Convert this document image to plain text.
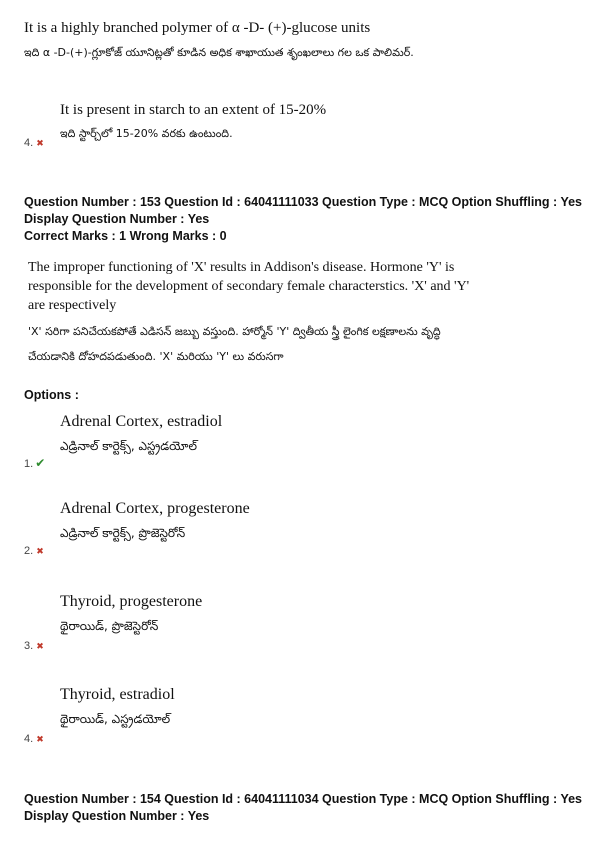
It is a highly branched polymer of α -D- (+)-glucose units
ఇది α -D-(+)-గ్లూకోజ్ యూనిట్లతో కూడిన అధిక శాఖాయుత శృంఖలాలు గల ఒక పాలిమర్.
It is present in starch to an extent of 15-20%
ఇది స్టార్చ్‌లో 15-20% వరకు ఉంటుంది.
4. ✖
Question Number : 153 Question Id : 64041111033 Question Type : MCQ Option Shuffling : Yes
Display Question Number : Yes
Correct Marks : 1 Wrong Marks : 0
The improper functioning of 'X' results in Addison's disease. Hormone 'Y' is
responsible for the development of secondary female characterstics. 'X' and 'Y'
are respectively
'X' సరిగా పనిచేయకపోతే ఎడిసన్ జబ్బు వస్తుంది. హార్మోన్ 'Y' ద్వితీయ స్త్రీ లైంగిక లక్షణాలను వృద్ధి
చేయడానికి దోహదపడుతుంది. 'X' మరియు 'Y' లు వరుసగా
Options :
Adrenal Cortex, estradiol
ఎడ్రినాల్ కార్టెక్స్, ఎస్ట్రడయోల్
1. ✔
Adrenal Cortex, progesterone
ఎడ్రినాల్ కార్టెక్స్, ప్రొజెస్టెరోన్
2. ✖
Thyroid, progesterone
థైరాయిడ్, ప్రొజెస్టెరోన్
3. ✖
Thyroid, estradiol
థైరాయిడ్, ఎస్ట్రడయోల్
4. ✖
Question Number : 154 Question Id : 64041111034 Question Type : MCQ Option Shuffling : Yes
Display Question Number : Yes
